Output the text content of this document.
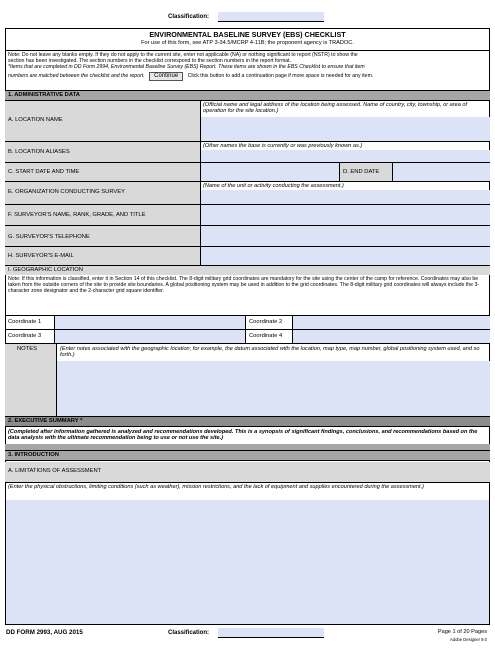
Classification:
ENVIRONMENTAL BASELINE SURVEY (EBS) CHECKLIST
For use of this form, see ATP 3-34.5/MCRP 4-11B; the proponent agency is TRADOC.
Note: Do not leave any blanks empty. If they do not apply to the current site, enter not applicable (NA) or nothing significant to report (NSTR) to show the
section has been investigated. The section numbers in the checklist correspond to the section numbers in the report format.
*Items that are completed in DD Form 2994, Environmental Baseline Survey (EBS) Report. These items are shown in the EBS Checklist to ensure that item
numbers are matched between the checklist and the report. Continue Click this button to add a continuation page if more space is needed for any item.
1. ADMINISTRATIVE DATA
A. LOCATION NAME
(Official name and legal address of the location being assessed. Name of country, city, township, or area of operation for the site location.)
B. LOCATION ALIASES
(Other names the base is currently or was previously known as.)
C. START DATE AND TIME	D. END DATE
E. ORGANIZATION CONDUCTING SURVEY
(Name of the unit or activity conducting the assessment.)
F. SURVEYOR'S NAME, RANK, GRADE, AND TITLE
G. SURVEYOR'S TELEPHONE
H. SURVEYOR'S E-MAIL
I. GEOGRAPHIC LOCATION
Note: If this information is classified, enter it in Section 14 of this checklist. The 8-digit military grid coordinates are mandatory for the site using the center of the camp for reference. Coordinates may also be taken from the outside corners of the site to provide site boundaries. A global positioning system may be used in addition to the grid coordinates. The 8-digit military grid coordinates will always include the 3-character zone designator and the 2-character grid square identifier.
Coordinate 1	Coordinate 2
Coordinate 3	Coordinate 4
NOTES	(Enter notes associated with the geographic location; for example, the datum associated with the location, map type, map number, global positioning system used, and so forth.)
2. EXECUTIVE SUMMARY *
(Completed after information gathered is analyzed and recommendations developed. This is a synopsis of significant findings, conclusions, and recommendations based on the data analysis with the ultimate recommendation being to use or not use the site.)
3. INTRODUCTION
A. LIMITATIONS OF ASSESSMENT
(Enter the physical obstructions, limiting conditions (such as weather), mission restrictions, and the lack of equipment and supplies encountered during the assessment.)
DD FORM 2993, AUG 2015	Classification:	Page 1 of 20 Pages
Adobe Designer 9.0
